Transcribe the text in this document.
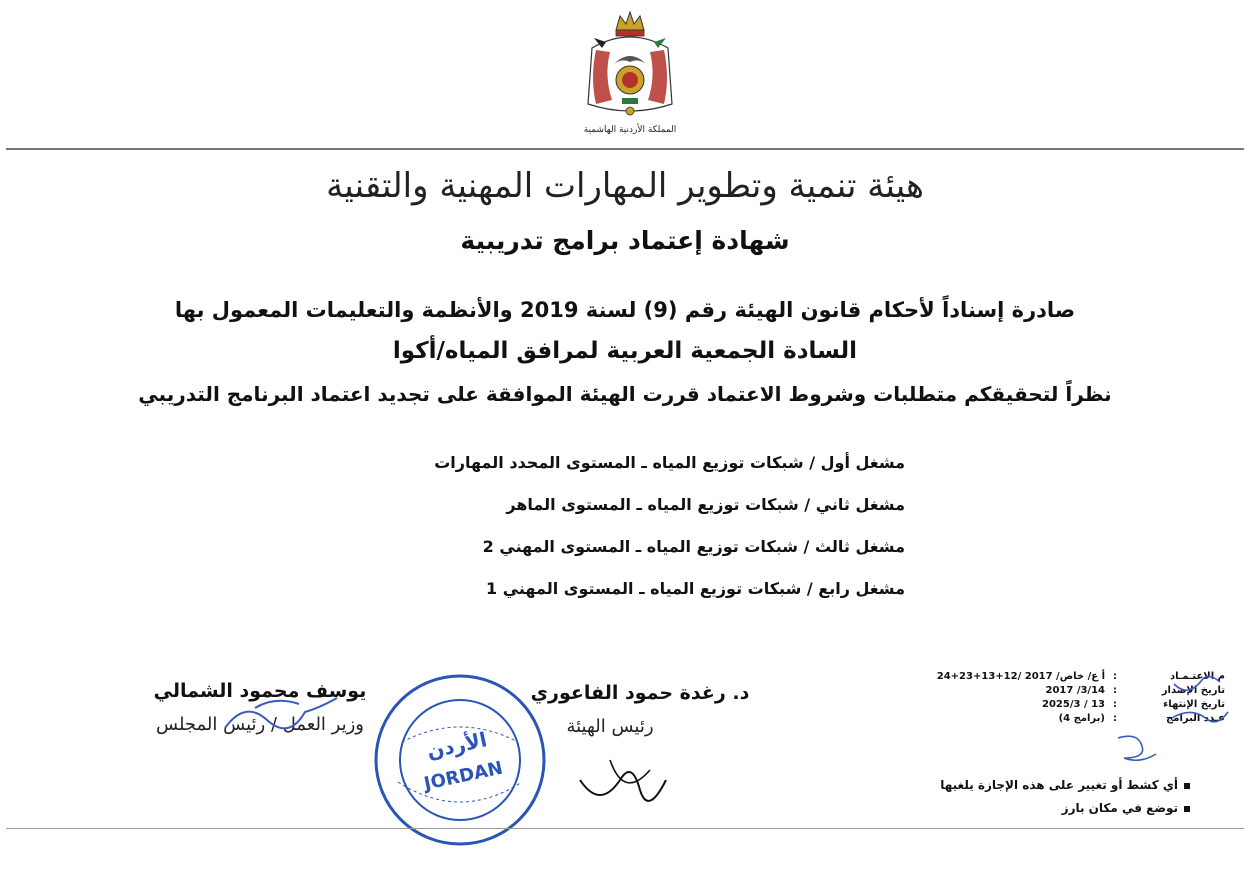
المملكة الأردنية الهاشمية
هيئة تنمية وتطوير المهارات المهنية والتقنية
شهادة إعتماد برامج تدريبية
صادرة إسناداً لأحكام قانون الهيئة رقم (9) لسنة 2019 والأنظمة والتعليمات المعمول بها
السادة الجمعية العربية لمرافق المياه/أكوا
نظراً لتحقيقكم متطلبات وشروط الاعتماد قررت الهيئة الموافقة على تجديد اعتماد البرنامج التدريبي
مشغل أول / شبكات توزيع المياه ـ المستوى المحدد المهارات
مشغل ثاني / شبكات توزيع المياه ـ المستوى الماهر
مشغل ثالث / شبكات توزيع المياه ـ المستوى المهني 2
مشغل رابع / شبكات توزيع المياه ـ المستوى المهني 1
يوسف محمود الشمالي
وزير العمل / رئيس المجلس
الأردن
JORDAN
د. رغدة حمود الفاعوري
رئيس الهيئة
م الاعتـمـاد
:
أ ع/ خاص/ 2017 /12+13+23+24
تاريخ الإصدار
:
2017 /3/14
تاريخ الإنتهاء
:
2025/3 / 13
عـدد البرامج
:
(4 برامج)
أي كشط أو تغيير على هذه الإجازة يلغيها
توضع في مكان بارز
